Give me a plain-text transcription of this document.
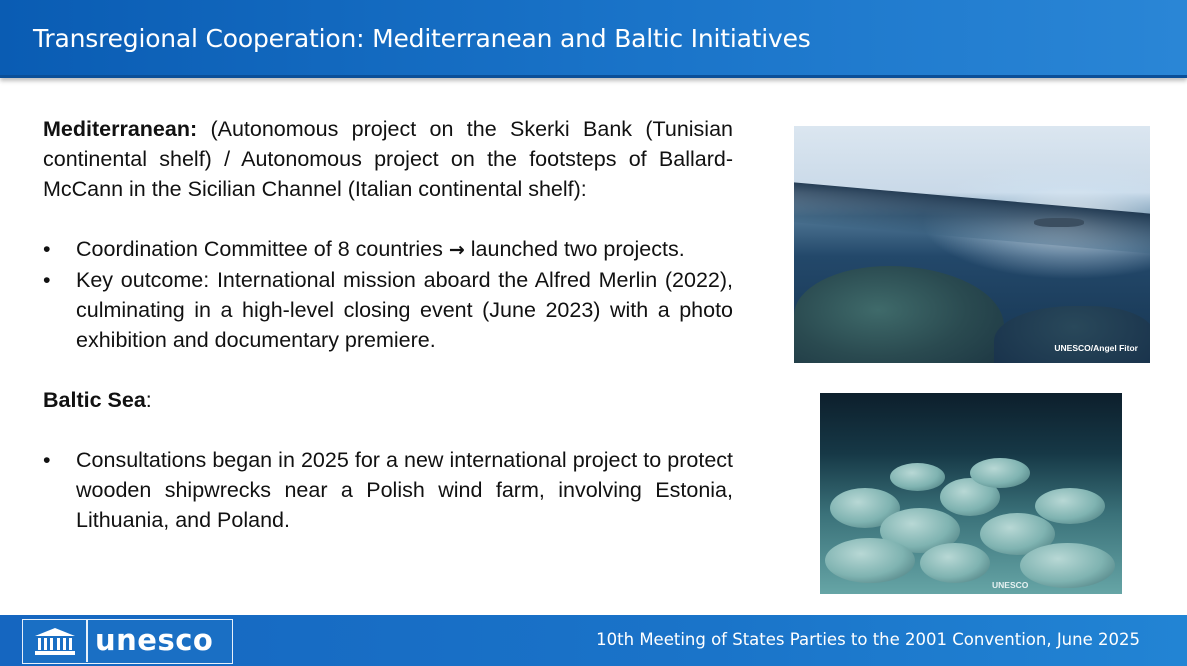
Transregional Cooperation: Mediterranean and Baltic Initiatives

Mediterranean: (Autonomous project on the Skerki Bank (Tunisian continental shelf) / Autonomous project on the footsteps of Ballard-McCann in the Sicilian Channel (Italian continental shelf):

• Coordination Committee of 8 countries → launched two projects.
• Key outcome: International mission aboard the Alfred Merlin (2022), culminating in a high-level closing event (June 2023) with a photo exhibition and documentary premiere.

Baltic Sea:

• Consultations began in 2025 for a new international project to protect wooden shipwrecks near a Polish wind farm, involving Estonia, Lithuania, and Poland.
UNESCO/Angel Fitor
UNESCO
unesco	10th Meeting of States Parties to the 2001 Convention, June 2025
